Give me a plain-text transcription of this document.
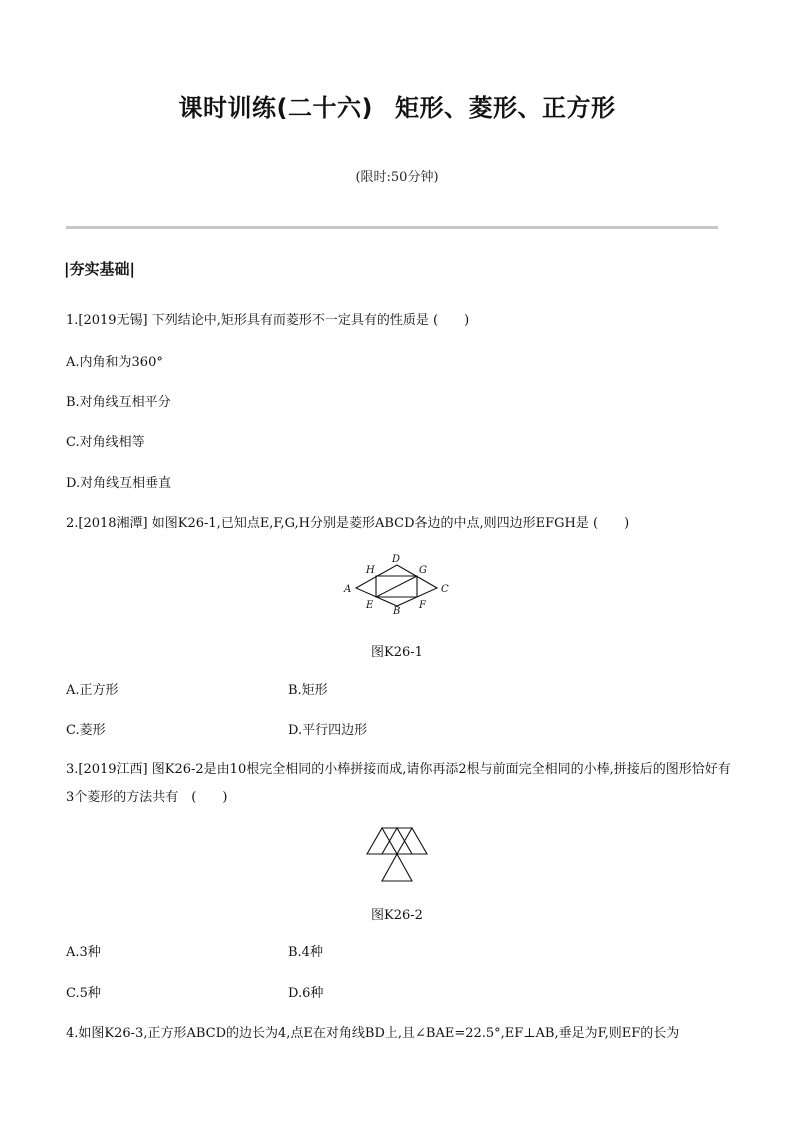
课时训练(二十六) 矩形、菱形、正方形
(限时:50分钟)
|夯实基础|
1.[2019无锡] 下列结论中,矩形具有而菱形不一定具有的性质是 (　　)
A.内角和为360°
B.对角线互相平分
C.对角线相等
D.对角线互相垂直
2.[2018湘潭] 如图K26-1,已知点E,F,G,H分别是菱形ABCD各边的中点,则四边形EFGH是 (　　)
D
H	G
A	C
E	F
B
图K26-1
A.正方形	B.矩形
C.菱形	D.平行四边形
3.[2019江西] 图K26-2是由10根完全相同的小棒拼接而成,请你再添2根与前面完全相同的小棒,拼接后的图形恰好有3个菱形的方法共有　(　　)
图K26-2
A.3种	B.4种
C.5种	D.6种
4.如图K26-3,正方形ABCD的边长为4,点E在对角线BD上,且∠BAE=22.5°,EF⊥AB,垂足为F,则EF的长为
